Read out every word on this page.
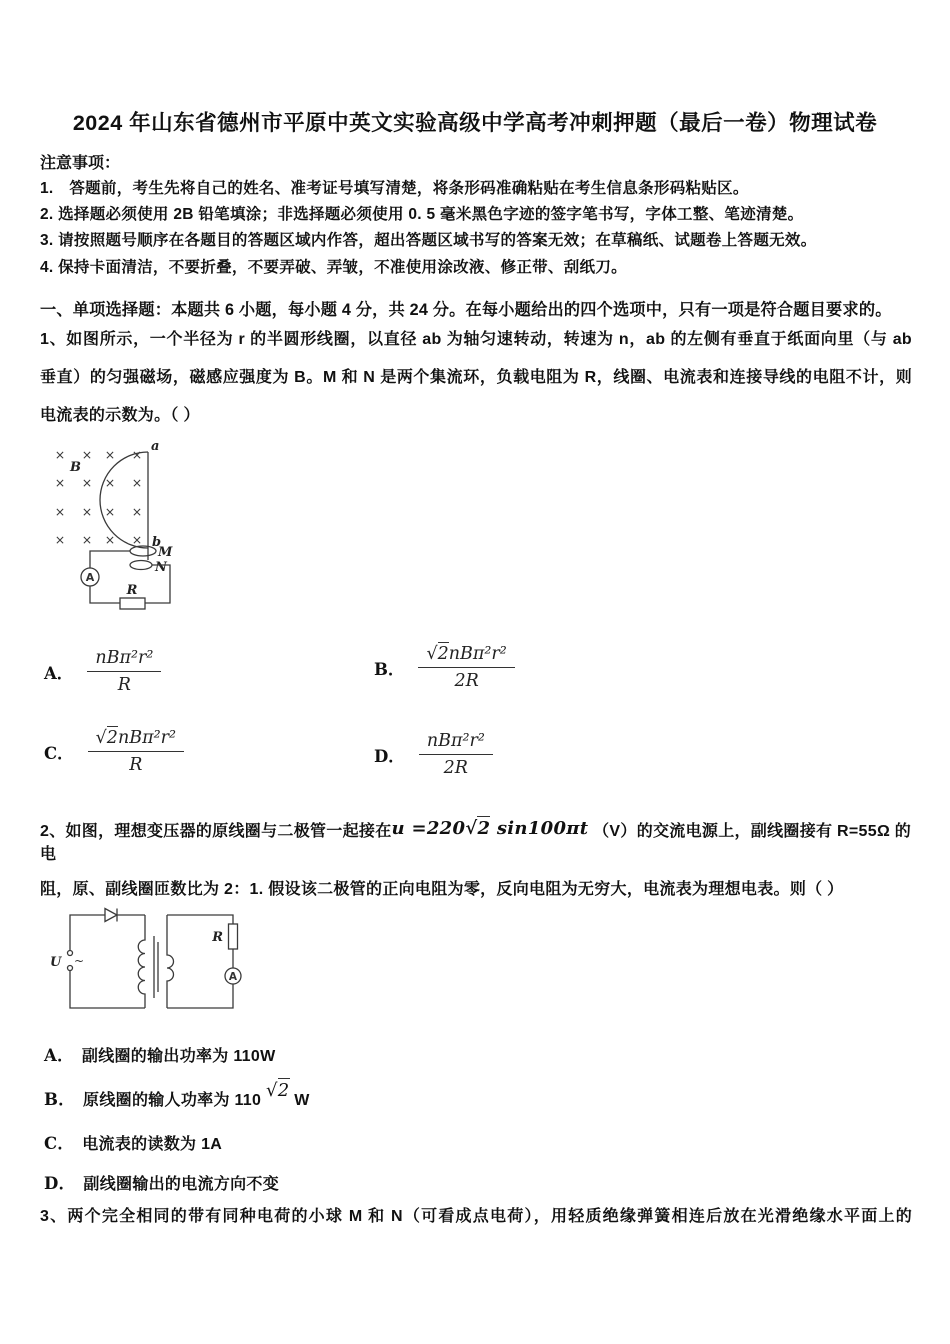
2024 年山东省德州市平原中英文实验高级中学高考冲刺押题（最后一卷）物理试卷
注意事项：
1.　答题前，考生先将自己的姓名、准考证号填写清楚，将条形码准确粘贴在考生信息条形码粘贴区。
2. 选择题必须使用 2B 铅笔填涂；非选择题必须使用 0. 5 毫米黑色字迹的签字笔书写，字体工整、笔迹清楚。
3. 请按照题号顺序在各题目的答题区域内作答，超出答题区域书写的答案无效；在草稿纸、试题卷上答题无效。
4. 保持卡面清洁，不要折叠，不要弄破、弄皱，不准使用涂改液、修正带、刮纸刀。
一、单项选择题：本题共 6 小题，每小题 4 分，共 24 分。在每小题给出的四个选项中，只有一项是符合题目要求的。
1、如图所示，一个半径为 r 的半圆形线圈，以直径 ab 为轴匀速转动，转速为 n，ab 的左侧有垂直于纸面向里（与 ab
垂直）的匀强磁场，磁感应强度为 B。M 和 N 是两个集流环，负载电阻为 R，线圈、电流表和连接导线的电阻不计，则
电流表的示数为。（ ）
× × × ×
× × × ×
× × × ×
× × × ×
B
a
b
M
N
A
R
A． $\frac{\text{nBπ²r²}}{R}$	B． $\frac{\text{√2nBπ²r²}}{2R}$
C． $\frac{\text{√2nBπ²r²}}{R}$	D． $\frac{\text{nBπ²r²}}{2R}$
2、如图，理想变压器的原线圈与二极管一起接在u =220√2 sin100πt （V）的交流电源上，副线圈接有 R=55Ω 的电
阻，原、副线圈匝数比为 2：1. 假设该二极管的正向电阻为零，反向电阻为无穷大，电流表为理想电表。则（ ）
U ~
R
A
A． 副线圈的输出功率为 110W
B． 原线圈的输人功率为 110 √2 W
C． 电流表的读数为 1A
D． 副线圈输出的电流方向不变
3、两个完全相同的带有同种电荷的小球 M 和 N（可看成点电荷），用轻质绝缘弹簧相连后放在光滑绝缘水平面上的
